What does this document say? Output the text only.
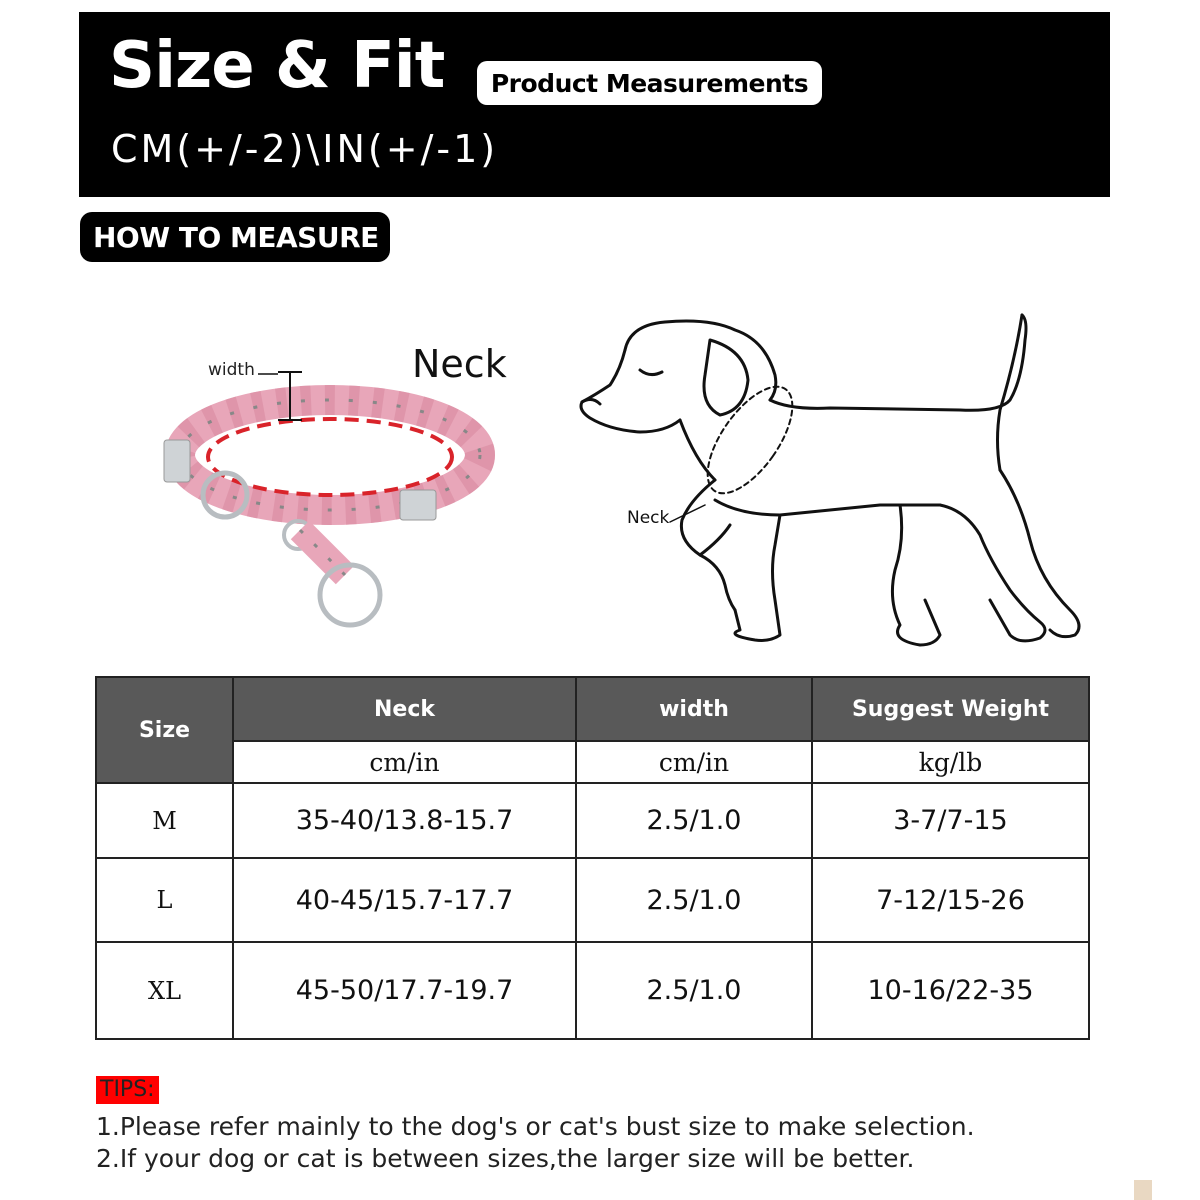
Size & Fit	Product Measurements

CM(+/-2)\IN(+/-1)

HOW TO MEASURE
width	Neck
Neck
Size	Neck	width	Suggest Weight
	cm/in	cm/in	kg/lb
M	35-40/13.8-15.7	2.5/1.0	3-7/7-15
L	40-45/15.7-17.7	2.5/1.0	7-12/15-26
XL	45-50/17.7-19.7	2.5/1.0	10-16/22-35
TIPS:
1.Please refer mainly to the dog's or cat's bust size to make selection.
2.If your dog or cat is between sizes,the larger size will be better.
